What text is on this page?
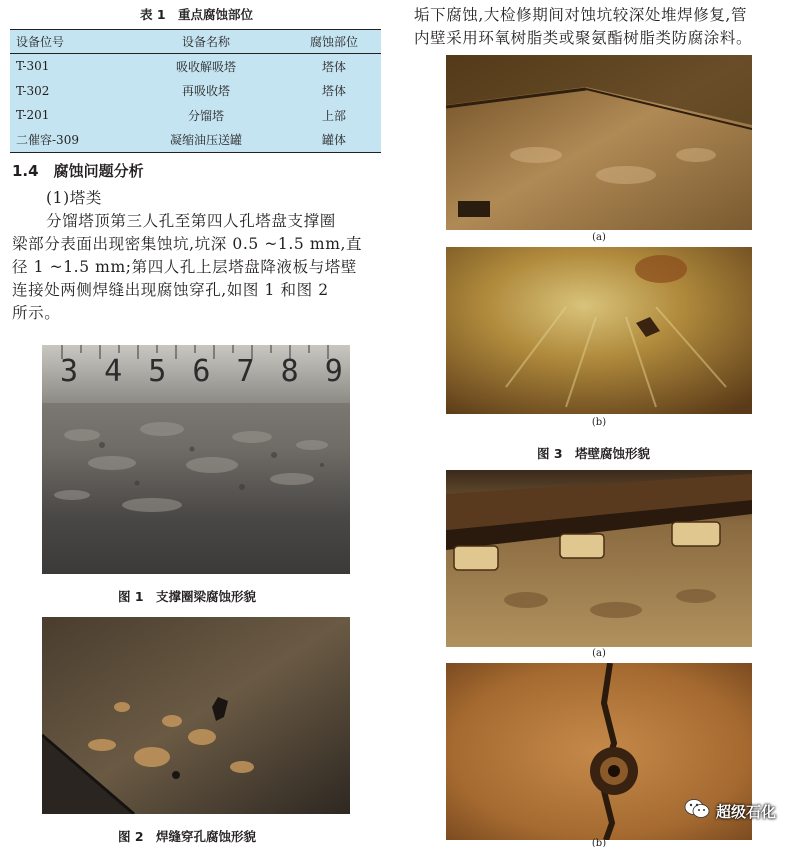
表 1　重点腐蚀部位
设备位号	设备名称	腐蚀部位
T-301	吸收解吸塔	塔体
T-302	再吸收塔	塔体
T-201	分馏塔	上部
二催容-309	凝缩油压送罐	罐体
1.4　腐蚀问题分析
(1)塔类
分馏塔顶第三人孔至第四人孔塔盘支撑圈
梁部分表面出现密集蚀坑,坑深 0.5 ~1.5 mm,直
径 1 ~1.5 mm;第四人孔上层塔盘降液板与塔壁
连接处两侧焊缝出现腐蚀穿孔,如图 1 和图 2
所示。
垢下腐蚀,大检修期间对蚀坑较深处堆焊修复,管
内壁采用环氧树脂类或聚氨酯树脂类防腐涂料。
3 4 5 6 7 8 9
图 1　支撑圈梁腐蚀形貌
图 2　焊缝穿孔腐蚀形貌
(a)
(b)
图 3　塔壁腐蚀形貌
(a)
(b)
超级石化
